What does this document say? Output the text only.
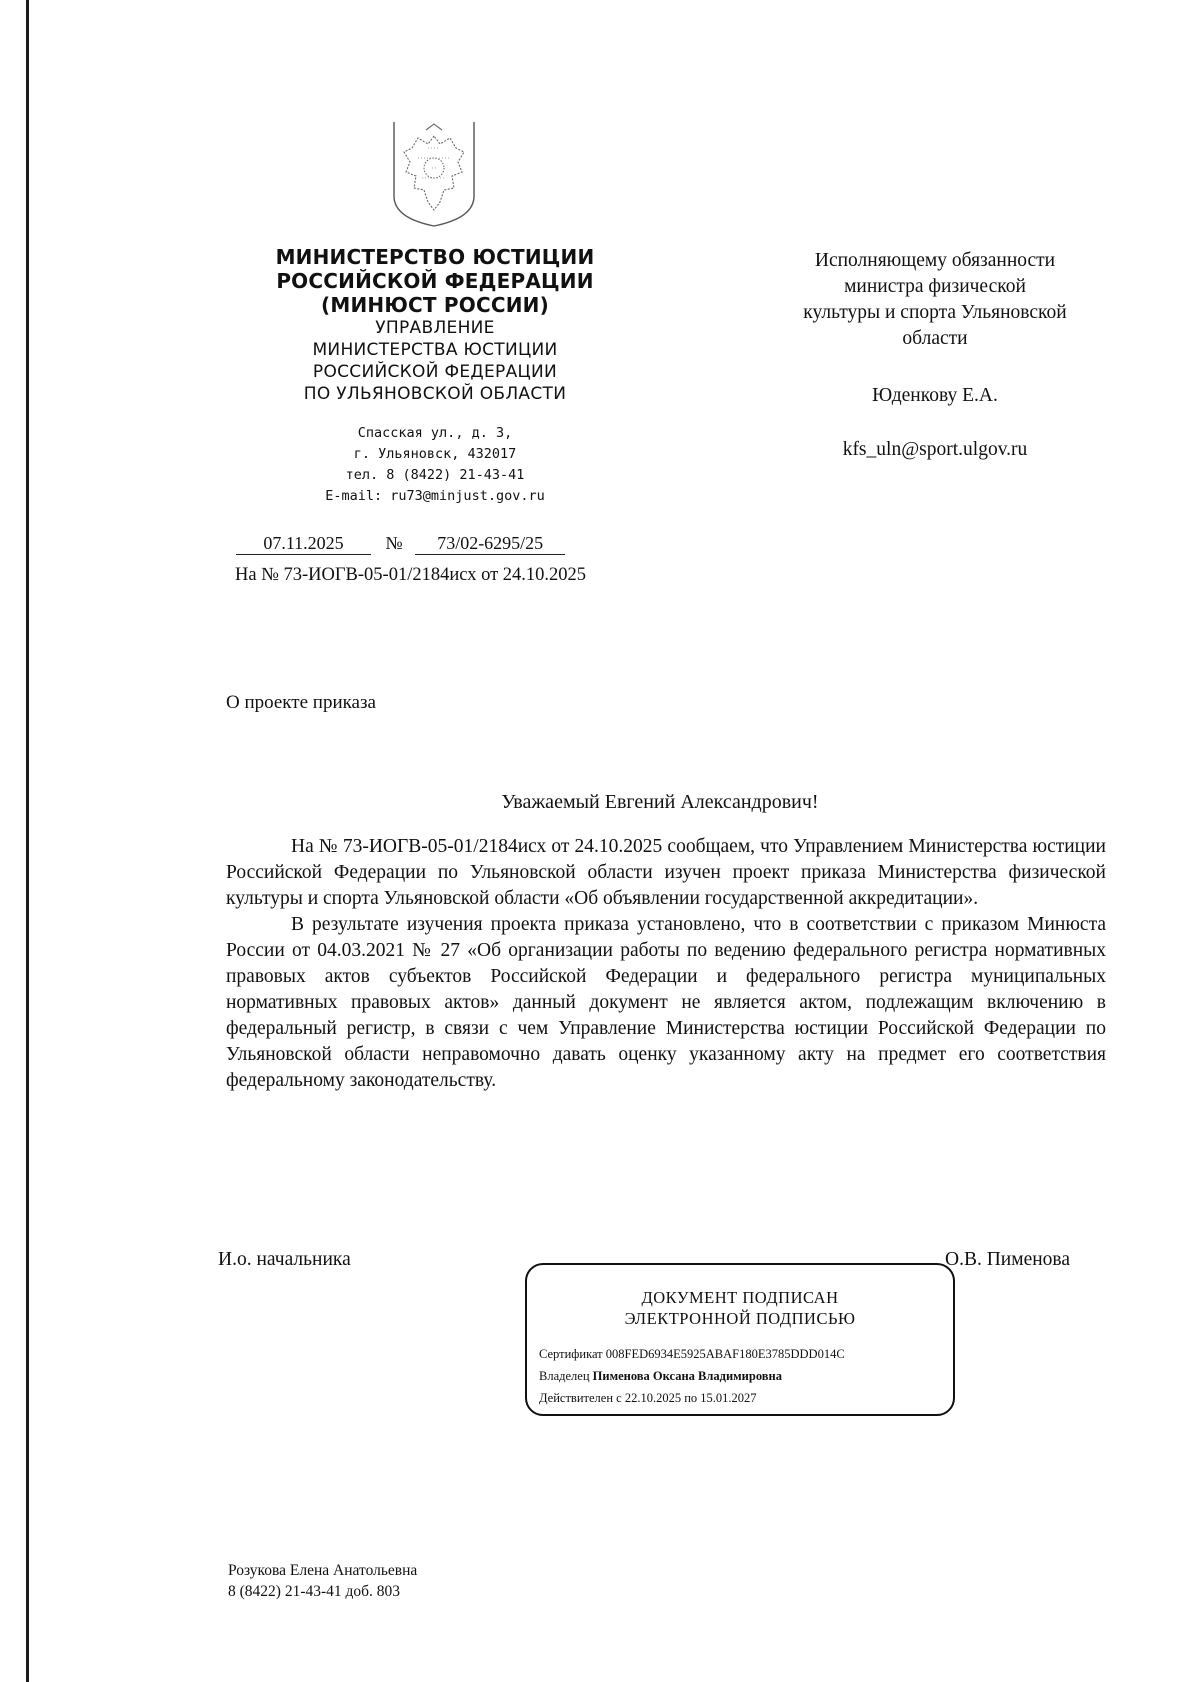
МИНИСТЕРСТВО ЮСТИЦИИ
РОССИЙСКОЙ ФЕДЕРАЦИИ
(МИНЮСТ РОССИИ)
УПРАВЛЕНИЕ
МИНИСТЕРСТВА ЮСТИЦИИ
РОССИЙСКОЙ ФЕДЕРАЦИИ
ПО УЛЬЯНОВСКОЙ ОБЛАСТИ
Спасская ул., д. 3,
г. Ульяновск, 432017
тел. 8 (8422) 21-43-41
E-mail: ru73@minjust.gov.ru
07.11.2025 № 73/02-6295/25
На № 73-ИОГВ-05-01/2184исх от 24.10.2025
Исполняющему обязанности
министра физической
культуры и спорта Ульяновской
области
Юденкову Е.А.
kfs_uln@sport.ulgov.ru
О проекте приказа
Уважаемый Евгений Александрович!

На № 73-ИОГВ-05-01/2184исх от 24.10.2025 сообщаем, что Управлением Министерства юстиции Российской Федерации по Ульяновской области изучен проект приказа Министерства физической культуры и спорта Ульяновской области «Об объявлении государственной аккредитации».

В результате изучения проекта приказа установлено, что в соответствии с приказом Минюста России от 04.03.2021 № 27 «Об организации работы по ведению федерального регистра нормативных правовых актов субъектов Российской Федерации и федерального регистра муниципальных нормативных правовых актов» данный документ не является актом, подлежащим включению в федеральный регистр, в связи с чем Управление Министерства юстиции Российской Федерации по Ульяновской области неправомочно давать оценку указанному акту на предмет его соответствия федеральному законодательству.

И.о. начальника	О.В. Пименова
ДОКУМЕНТ ПОДПИСАН
ЭЛЕКТРОННОЙ ПОДПИСЬЮ
Сертификат 008FED6934E5925ABAF180E3785DDD014C
Владелец Пименова Оксана Владимировна
Действителен с 22.10.2025 по 15.01.2027
Розукова Елена Анатольевна
8 (8422) 21-43-41 доб. 803
